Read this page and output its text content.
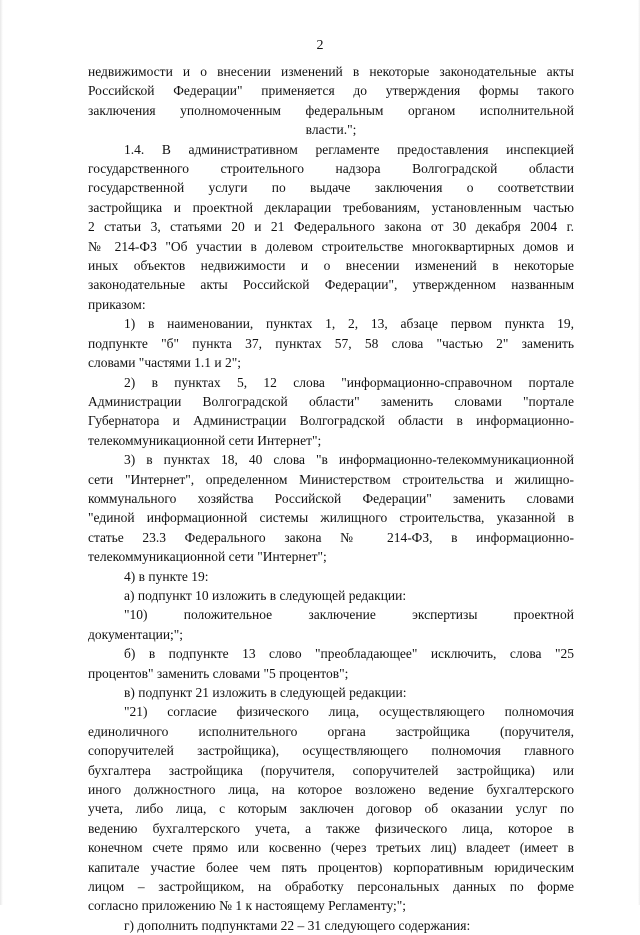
2
недвижимости и о внесении изменений в некоторые законодательные акты
Российской Федерации" применяется до утверждения формы такого
заключения уполномоченным федеральным органом исполнительной
власти.";
1.4. В административном регламенте предоставления инспекцией
государственного строительного надзора Волгоградской области
государственной услуги по выдаче заключения о соответствии
застройщика и проектной декларации требованиям, установленным частью
2 статьи 3, статьями 20 и 21 Федерального закона от 30 декабря 2004 г.
№ 214-ФЗ "Об участии в долевом строительстве многоквартирных домов и
иных объектов недвижимости и о внесении изменений в некоторые
законодательные акты Российской Федерации", утвержденном названным
приказом:
1) в наименовании, пунктах 1, 2, 13, абзаце первом пункта 19,
подпункте "б" пункта 37, пунктах 57, 58 слова "частью 2" заменить
словами "частями 1.1 и 2";
2) в пунктах 5, 12 слова "информационно-справочном портале
Администрации Волгоградской области" заменить словами "портале
Губернатора и Администрации Волгоградской области в информационно-
телекоммуникационной сети Интернет";
3) в пунктах 18, 40 слова "в информационно-телекоммуникационной
сети "Интернет", определенном Министерством строительства и жилищно-
коммунального хозяйства Российской Федерации" заменить словами
"единой информационной системы жилищного строительства, указанной в
статье 23.3 Федерального закона № 214-ФЗ, в информационно-
телекоммуникационной сети "Интернет";
4) в пункте 19:
а) подпункт 10 изложить в следующей редакции:
"10) положительное заключение экспертизы проектной
документации;";
б) в подпункте 13 слово "преобладающее" исключить, слова "25
процентов" заменить словами "5 процентов";
в) подпункт 21 изложить в следующей редакции:
"21) согласие физического лица, осуществляющего полномочия
единоличного исполнительного органа застройщика (поручителя,
сопоручителей застройщика), осуществляющего полномочия главного
бухгалтера застройщика (поручителя, сопоручителей застройщика) или
иного должностного лица, на которое возложено ведение бухгалтерского
учета, либо лица, с которым заключен договор об оказании услуг по
ведению бухгалтерского учета, а также физического лица, которое в
конечном счете прямо или косвенно (через третьих лиц) владеет (имеет в
капитале участие более чем пять процентов) корпоративным юридическим
лицом – застройщиком, на обработку персональных данных по форме
согласно приложению № 1 к настоящему Регламенту;";
г) дополнить подпунктами 22 – 31 следующего содержания:
